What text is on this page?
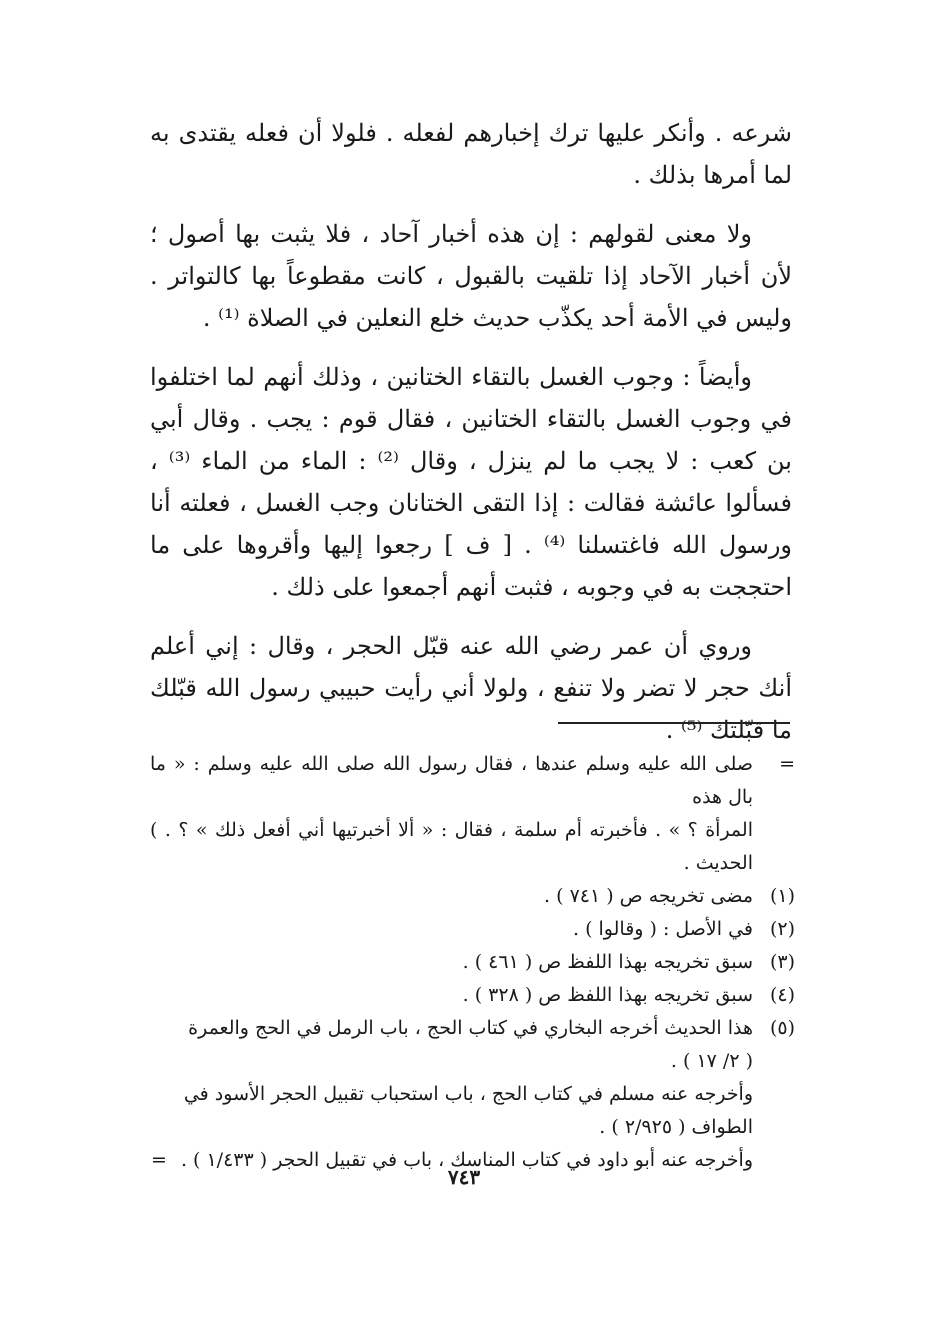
شرعه . وأنكر عليها ترك إخبارهم لفعله . فلولا أن فعله يقتدى به لما أمرها بذلك .

ولا معنى لقولهم : إن هذه أخبار آحاد ، فلا يثبت بها أصول ؛ لأن أخبار الآحاد إذا تلقيت بالقبول ، كانت مقطوعاً بها كالتواتر . وليس في الأمة أحد يكذّب حديث خلع النعلين في الصلاة ⁽¹⁾ .

وأيضاً : وجوب الغسل بالتقاء الختانين ، وذلك أنهم لما اختلفوا في وجوب الغسل بالتقاء الختانين ، فقال قوم : يجب . وقال أبي بن كعب : لا يجب ما لم ينزل ، وقال ⁽²⁾ : الماء من الماء ⁽³⁾ ، فسألوا عائشة فقالت : إذا التقى الختانان وجب الغسل ، فعلته أنا ورسول الله فاغتسلنا ⁽⁴⁾ . [ ف ] رجعوا إليها وأقروها على ما احتججت به في وجوبه ، فثبت أنهم أجمعوا على ذلك .

وروي أن عمر رضي الله عنه قبّل الحجر ، وقال : إني أعلم أنك حجر لا تضر ولا تنفع ، ولولا أني رأيت حبيبي رسول الله قبّلك ما قبّلتك ⁽⁵⁾ .

=
صلى الله عليه وسلم عندها ، فقال رسول الله صلى الله عليه وسلم : « ما بال هذه
المرأة ؟ » . فأخبرته أم سلمة ، فقال : « ألا أخبرتيها أني أفعل ذلك » ؟ . ) الحديث .
(١)
مضى تخريجه ص ( ٧٤١ ) .
(٢)
في الأصل : ( وقالوا ) .
(٣)
سبق تخريجه بهذا اللفظ ص ( ٤٦١ ) .
(٤)
سبق تخريجه بهذا اللفظ ص ( ٣٢٨ ) .
(٥)
هذا الحديث أخرجه البخاري في كتاب الحج ، باب الرمل في الحج والعمرة
( ٢/ ١٧ ) .
وأخرجه عنه مسلم في كتاب الحج ، باب استحباب تقبيل الحجر الأسود في
الطواف ( ٢/٩٢٥ ) .
وأخرجه عنه أبو داود في كتاب المناسك ، باب في تقبيل الحجر ( ١/٤٣٣ ) .=
٧٤٣
